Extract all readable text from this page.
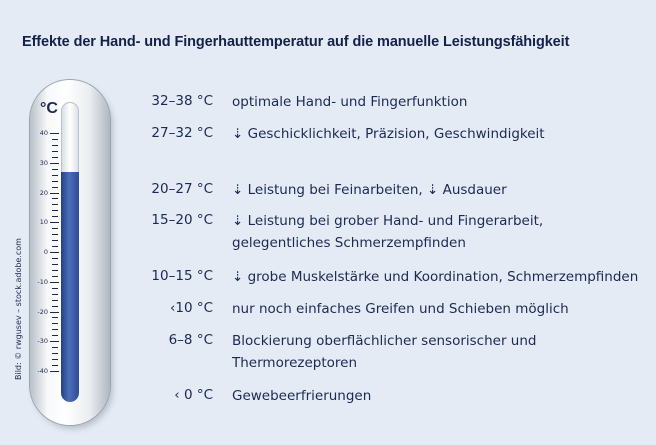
Effekte der Hand- und Fingerhauttemperatur auf die manuelle Leistungsfähigkeit
Bild: © rwgusev – stock.adobe.com
°C
40
30
20
10
0
-10
-20
-30
-40
32–38 °C optimale Hand- und Fingerfunktion
27–32 °C ⇣ Geschicklichkeit, Präzision, Geschwindigkeit
20–27 °C ⇣ Leistung bei Feinarbeiten, ⇣ Ausdauer
15–20 °C ⇣ Leistung bei grober Hand- und Fingerarbeit,
gelegentliches Schmerzempfinden
10–15 °C ⇣ grobe Muskelstärke und Koordination, Schmerzempfinden
‹10 °C nur noch einfaches Greifen und Schieben möglich
6–8 °C Blockierung oberflächlicher sensorischer und
Thermorezeptoren
‹ 0 °C Gewebeerfrierungen
